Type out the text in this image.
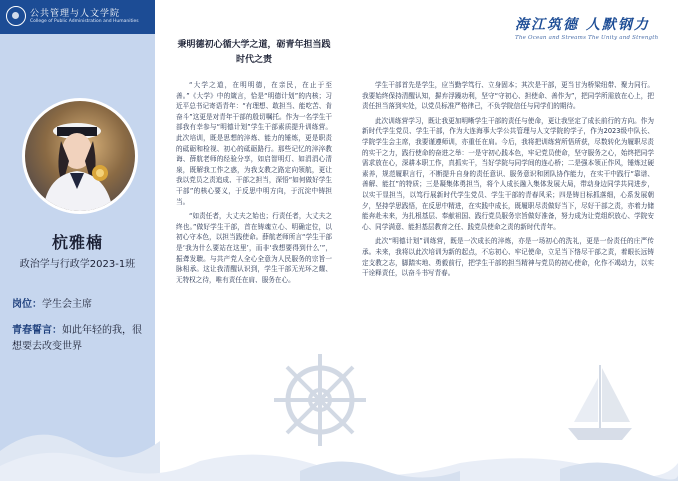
公共管理与人文学院
College of Public Administration and Humanities
杭雅楠
政治学与行政学2023-1班
岗位：学生会主席
青春誓言：如此年轻的我，很想要去改变世界
海江筑德 人默钢力
The Ocean and Streams The Unity and Strength
秉明德初心循大学之道，砺青年担当践时代之责

“大学之道，在明明德，在亲民，在止于至善。”《大学》中的箴言，恰是“明德计划”的内核；习近平总书记寄语青年：“有理想、敢担当、能吃苦、肯奋斗”这更是对青年干部的殷切嘱托。作为一名学生干部我有幸参与“明德计划”学生干部素质提升训练营。此次培训，既是思想的淬炼、能力的锤炼，更是职责的砥砺和检视、初心的砥砺路行。那些记忆的淬淬教诲、薛航老师的经验分享，如启智明灯、如涓涓心清泉，既解我工作之惑，为我支教之路定向领航，更让我以党员之责追成、干部之担当，深悟“如何做好学生干部”的核心要义，于反思中明方向，于沉淀中铸担当。

“如责任者，大丈夫之始也；行责任者，大丈夫之终也。”做好学生干部，首在铸魂立心、明确定位，以初心守本色，以担当践使命。薛航老师所言“学生干部是‘我为什么要站在这里’，而非‘我想要得到什么’”，振聋发聩。与共产党人全心全意为人民服务的宗旨一脉相承。这让我清醒认识到，学生干部无光环之耀、无特权之待，唯有责任在肩、服务在心。

学生干部首先是学生，应当勤学笃行、立身固本；其次是干部，更当甘为桥梁纽带、聚力同行。我要始终保持清醒认知，摒弃浮躁功利，坚守“守初心、担使命、善作为”，把同学所需放在心上，把责任担当落到实处，以党员标准严格律己，不负学院信任与同学们的期待。

此次训练营学习，既让我更加明晰学生干部的责任与使命，更让我坚定了成长前行的方向。作为新时代学生党员、学生干部，作为大连海事大学公共管理与人文学院的学子，作为2023级中队长、学院学生会主席，我要谨遵师训，亦重任在肩。今后，我将把训练营所悟所获，尽数转化为履职尽责的实干之力，践行使命的奋进之举：一是守初心践本色，牢记党员使命，坚守服务之心，始终把同学需求放在心，深耕本职工作，真抓实干，当好学院与同学间的连心桥；二是强本领正作风，锤炼过硬素养，规范履职言行，不断提升自身的责任意识、服务意识和团队协作能力，在实干中践行“靠谱、善解、能扛”的特质；三是凝集体勇担当，将个人成长融入集体发展大局，带动身边同学共同进步，以实干显担当，以笃行展新时代学生党员、学生干部的青春风采；四是铸目标抓落细，心系发展朝夕，坚持学思践悟，在反思中精进，在实践中成长，既履职尽责做好当下，尽好干部之责，亦着力储能奔赴未来，为扎根基层、奉献祖国、践行党员服务宗旨做好准备，努力成为让党组织放心、学院安心、同学满意、能担基层教育之任、践党员使命之责的新时代青年。

此次“明德计划”训练营，既是一次成长的淬炼，亦是一场初心的洗礼，更是一份责任的庄严传承。未来，我将以此次培训为新的起点，不忘初心、牢记使命，立足当下恪尽干部之责，着眼长远铸定支教之志，脚踏实地、勇毅前行，把学生干部的担当精神与党员的初心使命，化作不竭动力，以实干诠释责任，以奋斗书写青春。
